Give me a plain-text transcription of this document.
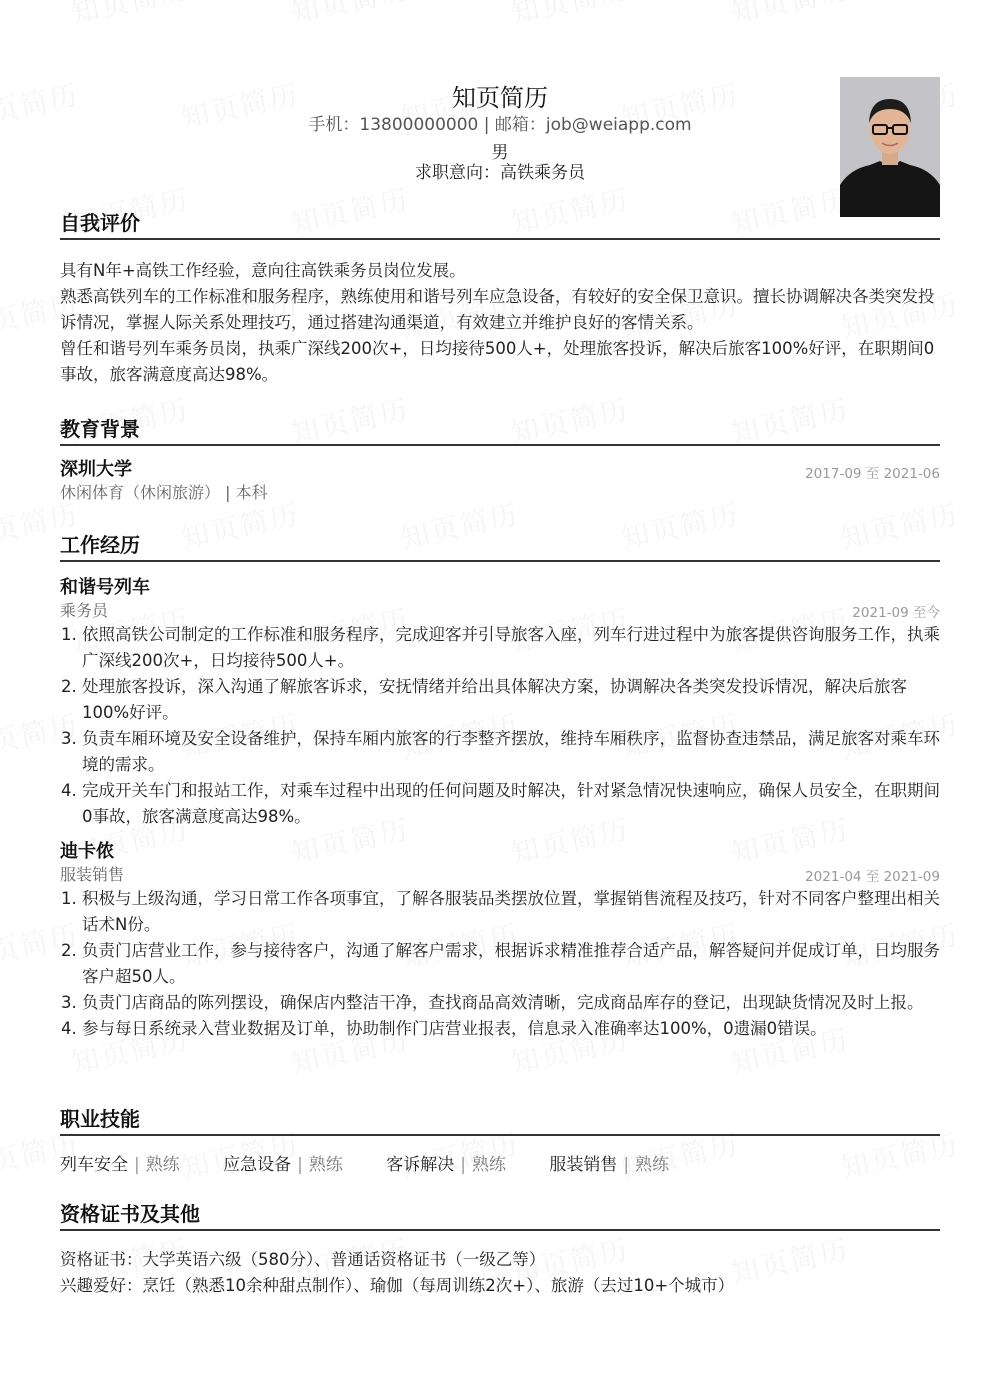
知页简历
手机：13800000000 | 邮箱：job@weiapp.com
男
求职意向：高铁乘务员
自我评价
具有N年+高铁工作经验，意向往高铁乘务员岗位发展。
熟悉高铁列车的工作标准和服务程序，熟练使用和谐号列车应急设备，有较好的安全保卫意识。擅长协调解决各类突发投诉情况，掌握人际关系处理技巧，通过搭建沟通渠道，有效建立并维护良好的客情关系。
曾任和谐号列车乘务员岗，执乘广深线200次+，日均接待500人+，处理旅客投诉，解决后旅客100%好评，在职期间0事故，旅客满意度高达98%。
教育背景
深圳大学	2017-09 至 2021-06
休闲体育（休闲旅游） | 本科
工作经历
和谐号列车
乘务员	2021-09 至今
1. 依照高铁公司制定的工作标准和服务程序，完成迎客并引导旅客入座，列车行进过程中为旅客提供咨询服务工作，执乘广深线200次+，日均接待500人+。
2. 处理旅客投诉，深入沟通了解旅客诉求，安抚情绪并给出具体解决方案，协调解决各类突发投诉情况，解决后旅客100%好评。
3. 负责车厢环境及安全设备维护，保持车厢内旅客的行李整齐摆放，维持车厢秩序，监督协查违禁品，满足旅客对乘车环境的需求。
4. 完成开关车门和报站工作，对乘车过程中出现的任何问题及时解决，针对紧急情况快速响应，确保人员安全，在职期间0事故，旅客满意度高达98%。
迪卡侬
服装销售	2021-04 至 2021-09
1. 积极与上级沟通，学习日常工作各项事宜，了解各服装品类摆放位置，掌握销售流程及技巧，针对不同客户整理出相关话术N份。
2. 负责门店营业工作，参与接待客户，沟通了解客户需求，根据诉求精准推荐合适产品，解答疑问并促成订单，日均服务客户超50人。
3. 负责门店商品的陈列摆设，确保店内整洁干净，查找商品高效清晰，完成商品库存的登记，出现缺货情况及时上报。
4. 参与每日系统录入营业数据及订单，协助制作门店营业报表，信息录入准确率达100%，0遗漏0错误。
职业技能
列车安全 | 熟练	应急设备 | 熟练	客诉解决 | 熟练	服装销售 | 熟练
资格证书及其他
资格证书：大学英语六级（580分）、普通话资格证书（一级乙等）
兴趣爱好：烹饪（熟悉10余种甜点制作）、瑜伽（每周训练2次+）、旅游（去过10+个城市）
